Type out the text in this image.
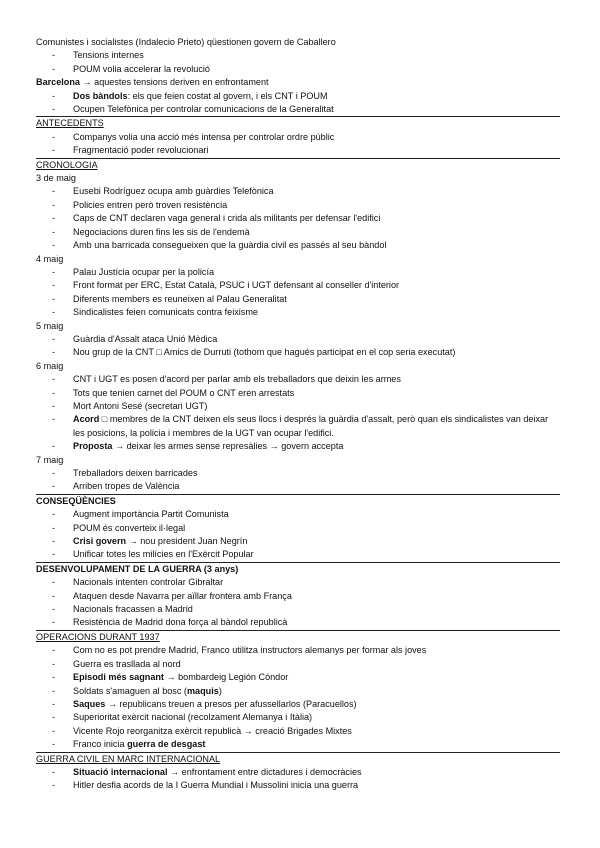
Comunistes i socialistes (Indalecio Prieto) qüestionen govern de Caballero
- Tensions internes
- POUM volia accelerar la revolució
Barcelona → aquestes tensions deriven en enfrontament
- Dos bàndols: els que feien costat al govern, i els CNT i POUM
- Ocupen Telefònica per controlar comunicacions de la Generalitat
ANTECEDENTS
- Companys volia una acció més intensa per controlar ordre públic
- Fragmentació poder revolucionari
CRONOLOGIA
3 de maig
- Eusebi Rodríguez ocupa amb guàrdies Telefònica
- Policies entren però troven resistència
- Caps de CNT declaren vaga general i crida als militants per defensar l'edifici
- Negociacions duren fins les sis de l'endemà
- Amb una barricada consegueixen que la guàrdia civil es passés al seu bàndol
4 maig
- Palau Justícia ocupar per la policía
- Front format per ERC, Estat Català, PSUC i UGT defensant al conseller d'interior
- Diferents members es reuneixen al Palau Generalitat
- Sindicalistes feien comunicats contra feixisme
5 maig
- Guàrdia d'Assalt ataca Unió Mèdica
- Nou grup de la CNT □ Amics de Durruti (tothom que hagués participat en el cop seria executat)
6 maig
- CNT i UGT es posen d'acord per parlar amb els treballadors que deixin les armes
- Tots que tenien carnet del POUM o CNT eren arrestats
- Mort Antoni Sesé (secretari UGT)
- Acord □ membres de la CNT deixen els seus llocs i després la guàrdia d'assalt, però quan els sindicalistes van deixar les posicions, la policia i membres de la UGT van ocupar l'edifici.
- Proposta → deixar les armes sense represàlies → govern accepta
7 maig
- Treballadors deixen barricades
- Arriben tropes de València
CONSEQÜÈNCIES
- Augment importància Partit Comunista
- POUM és converteix il·legal
- Crisi govern → nou president Juan Negrín
- Unificar totes les milícies en l'Exèrcit Popular
DESENVOLUPAMENT DE LA GUERRA (3 anys)
- Nacionals intenten controlar Gibraltar
- Ataquen desde Navarra per aïllar frontera amb França
- Nacionals fracassen a Madrid
- Resistència de Madrid dona força al bàndol republicà
OPERACIONS DURANT 1937
- Com no es pot prendre Madrid, Franco utilitza instructors alemanys per formar als joves
- Guerra es trasllada al nord
- Episodi més sagnant → bombardeig Legión Cóndor
- Soldats s'amaguen al bosc (maquis)
- Saques → republicans treuen a presos per afussellarlos (Paracuellos)
- Superioritat exèrcit nacional (recolzament Alemanya i Itàlia)
- Vicente Rojo reorganitza exèrcit republicà → creació Brigades Mixtes
- Franco inicia guerra de desgast
GUERRA CIVIL EN MARC INTERNACIONAL
- Situació internacional → enfrontament entre dictadures i democràcies
- Hitler desfia acords de la I Guerra Mundial i Mussolini inicia una guerra
